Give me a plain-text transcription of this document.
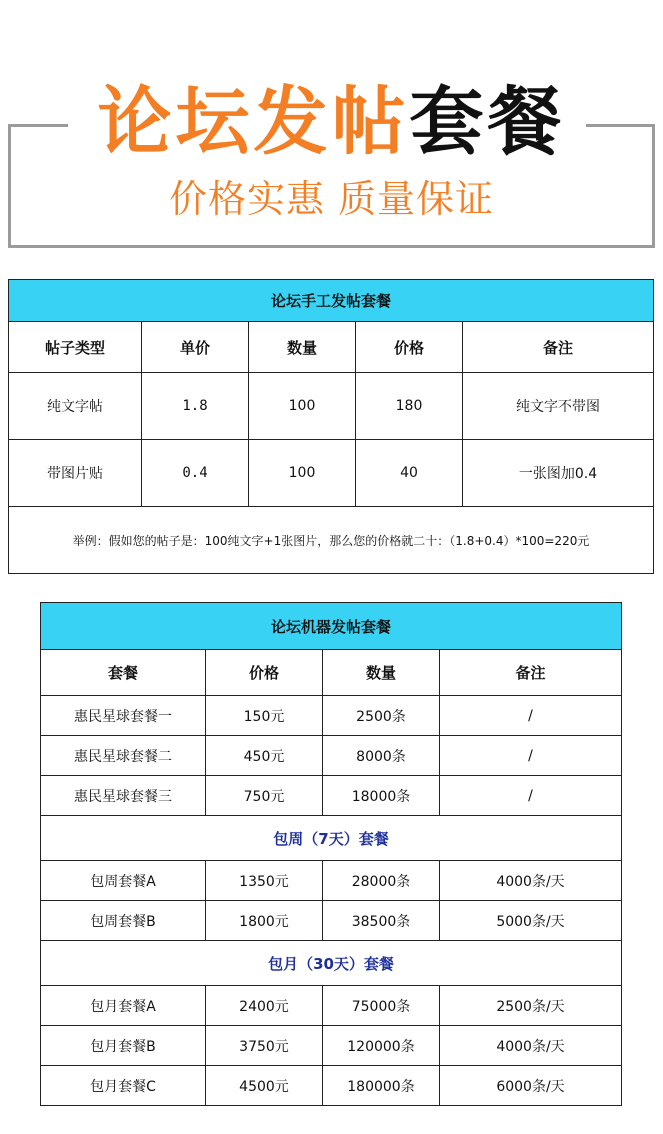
论坛发帖套餐
价格实惠 质量保证
论坛手工发帖套餐				
帖子类型	单价	数量	价格	备注
纯文字帖	1.8	100	180	纯文字不带图
带图片贴	0.4	100	40	一张图加0.4
举例：假如您的帖子是：100纯文字+1张图片，那么您的价格就二十：（1.8+0.4）*100=220元				
论坛机器发帖套餐			
套餐	价格	数量	备注
惠民星球套餐一	150元	2500条	/
惠民星球套餐二	450元	8000条	/
惠民星球套餐三	750元	18000条	/
包周（7天）套餐			
包周套餐A	1350元	28000条	4000条/天
包周套餐B	1800元	38500条	5000条/天
包月（30天）套餐			
包月套餐A	2400元	75000条	2500条/天
包月套餐B	3750元	120000条	4000条/天
包月套餐C	4500元	180000条	6000条/天
